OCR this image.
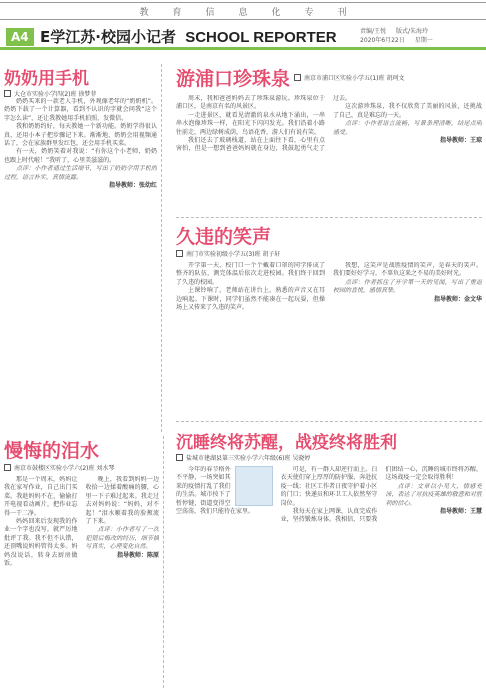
教	育	信	息	化	专	刊
A4 E学江苏·校园小记者 SCHOOL REPORTER	责编/王悦 版式/朱海玲
2020年6月22日 星期一
奶奶用手机
大仓市实验小学四(2)班 徐梦菲

奶奶买来的一款老人手机，外观像老年的“奶奶机”。奶奶下载了一个计算器，看到不认识的字就会问我“这个字怎么读”，还让我教她用手机拍照、发微信。

我和奶奶约好，每天教她一个新功能。奶奶学得很认真，还用小本子把步骤记下来。渐渐地，奶奶会用视频通话了，会在家族群里发红包，还会用手机买菜。

有一天，奶奶笑着对我说：“有你这个小老师，奶奶也跟上时代啦！”我听了，心里美滋滋的。

点评：小作者通过生活细节，写出了奶奶学用手机的过程，语言朴实，真情流露。

指导教师：张幼红

游浦口珍珠泉 南京市浦口区实验小学五(1)班 胡珂文

周末，我和爸爸妈妈去了珍珠泉游玩。珍珠泉位于浦口区，是南京有名的风景区。

一走进景区，就看见清澈的泉水从地下涌出，一串串水泡像珍珠一样，在阳光下闪闪发光。我们沿着小路往前走，两边绿树成荫，鸟语花香，游人们有说有笑。

我们还去了玻璃栈道，站在上面往下看，心里有点害怕，但是一想到爸爸妈妈就在身边，我鼓起勇气走了过去。

这次游珍珠泉，我不仅欣赏了美丽的风景，还挑战了自己，真是难忘的一天。

点评：小作者语言流畅，写景条理清晰，结尾点明感受。

指导教师：王琼

久违的笑声
南门市实验初级小学五(3)班 胡子轩

开学第一天，校门口一个个戴着口罩的同学排成了整齐的队伍，测完体温后依次走进校园。我们终于回到了久违的校园。

上课铃响了，老师站在讲台上，熟悉的声音又在耳边响起。下课时，同学们虽然不能凑在一起玩耍，但操场上又传来了久违的笑声。

我想，这笑声是战胜疫情的笑声，是春天的笑声。我们要好好学习，不辜负这来之不易的美好时光。

点评：作者抓住了开学第一天的见闻，写出了重返校园的喜悦，感情真挚。

指导教师：金文华

慢悔的泪水
南京市鼓楼区实验小学六(2)班 刘水琴

那是一个周末，妈妈让我在家写作业，自己出门买菜。我趁妈妈不在，偷偷打开电视看动画片，把作业忘得一干二净。

妈妈回来后发现我的作业一个字也没写，就严厉地批评了我。我不但不认错，还顶嘴说妈妈管得太多。妈妈没说话，转身去厨房做饭。

晚上，我看到妈妈一边收拾一边揉着酸痛的腰，心里一下子难过起来。我走过去对妈妈说：“妈妈，对不起！”泪水顺着我的脸颊流了下来。

点评：小作者写了一次犯错后悔改的经历，细节描写真实，心理变化自然。

指导教师：陈原

沉睡终将苏醒，战疫终将胜利
盐城市建湖县第三实验小学六年级(6)班 吴晓婷

今年的春节格外不平静，一场突如其来的疫情打乱了我们的生活。城市按下了暂停键，街道变得空空荡荡，我们只能待在家里。

可是，有一群人却逆行而上。白衣天使们穿上厚厚的防护服，奔赴抗疫一线；社区工作者日夜守护着小区的门口；快递员和环卫工人依然坚守岗位。

我每天在家上网课，认真完成作业，坚持锻炼身体。我相信，只要我们团结一心，沉睡的城市终将苏醒，这场战疫一定会取得胜利！

点评：文章以小见大，情感充沛，表达了对抗疫英雄的敬意和对胜利的信心。

指导教师：王慧
